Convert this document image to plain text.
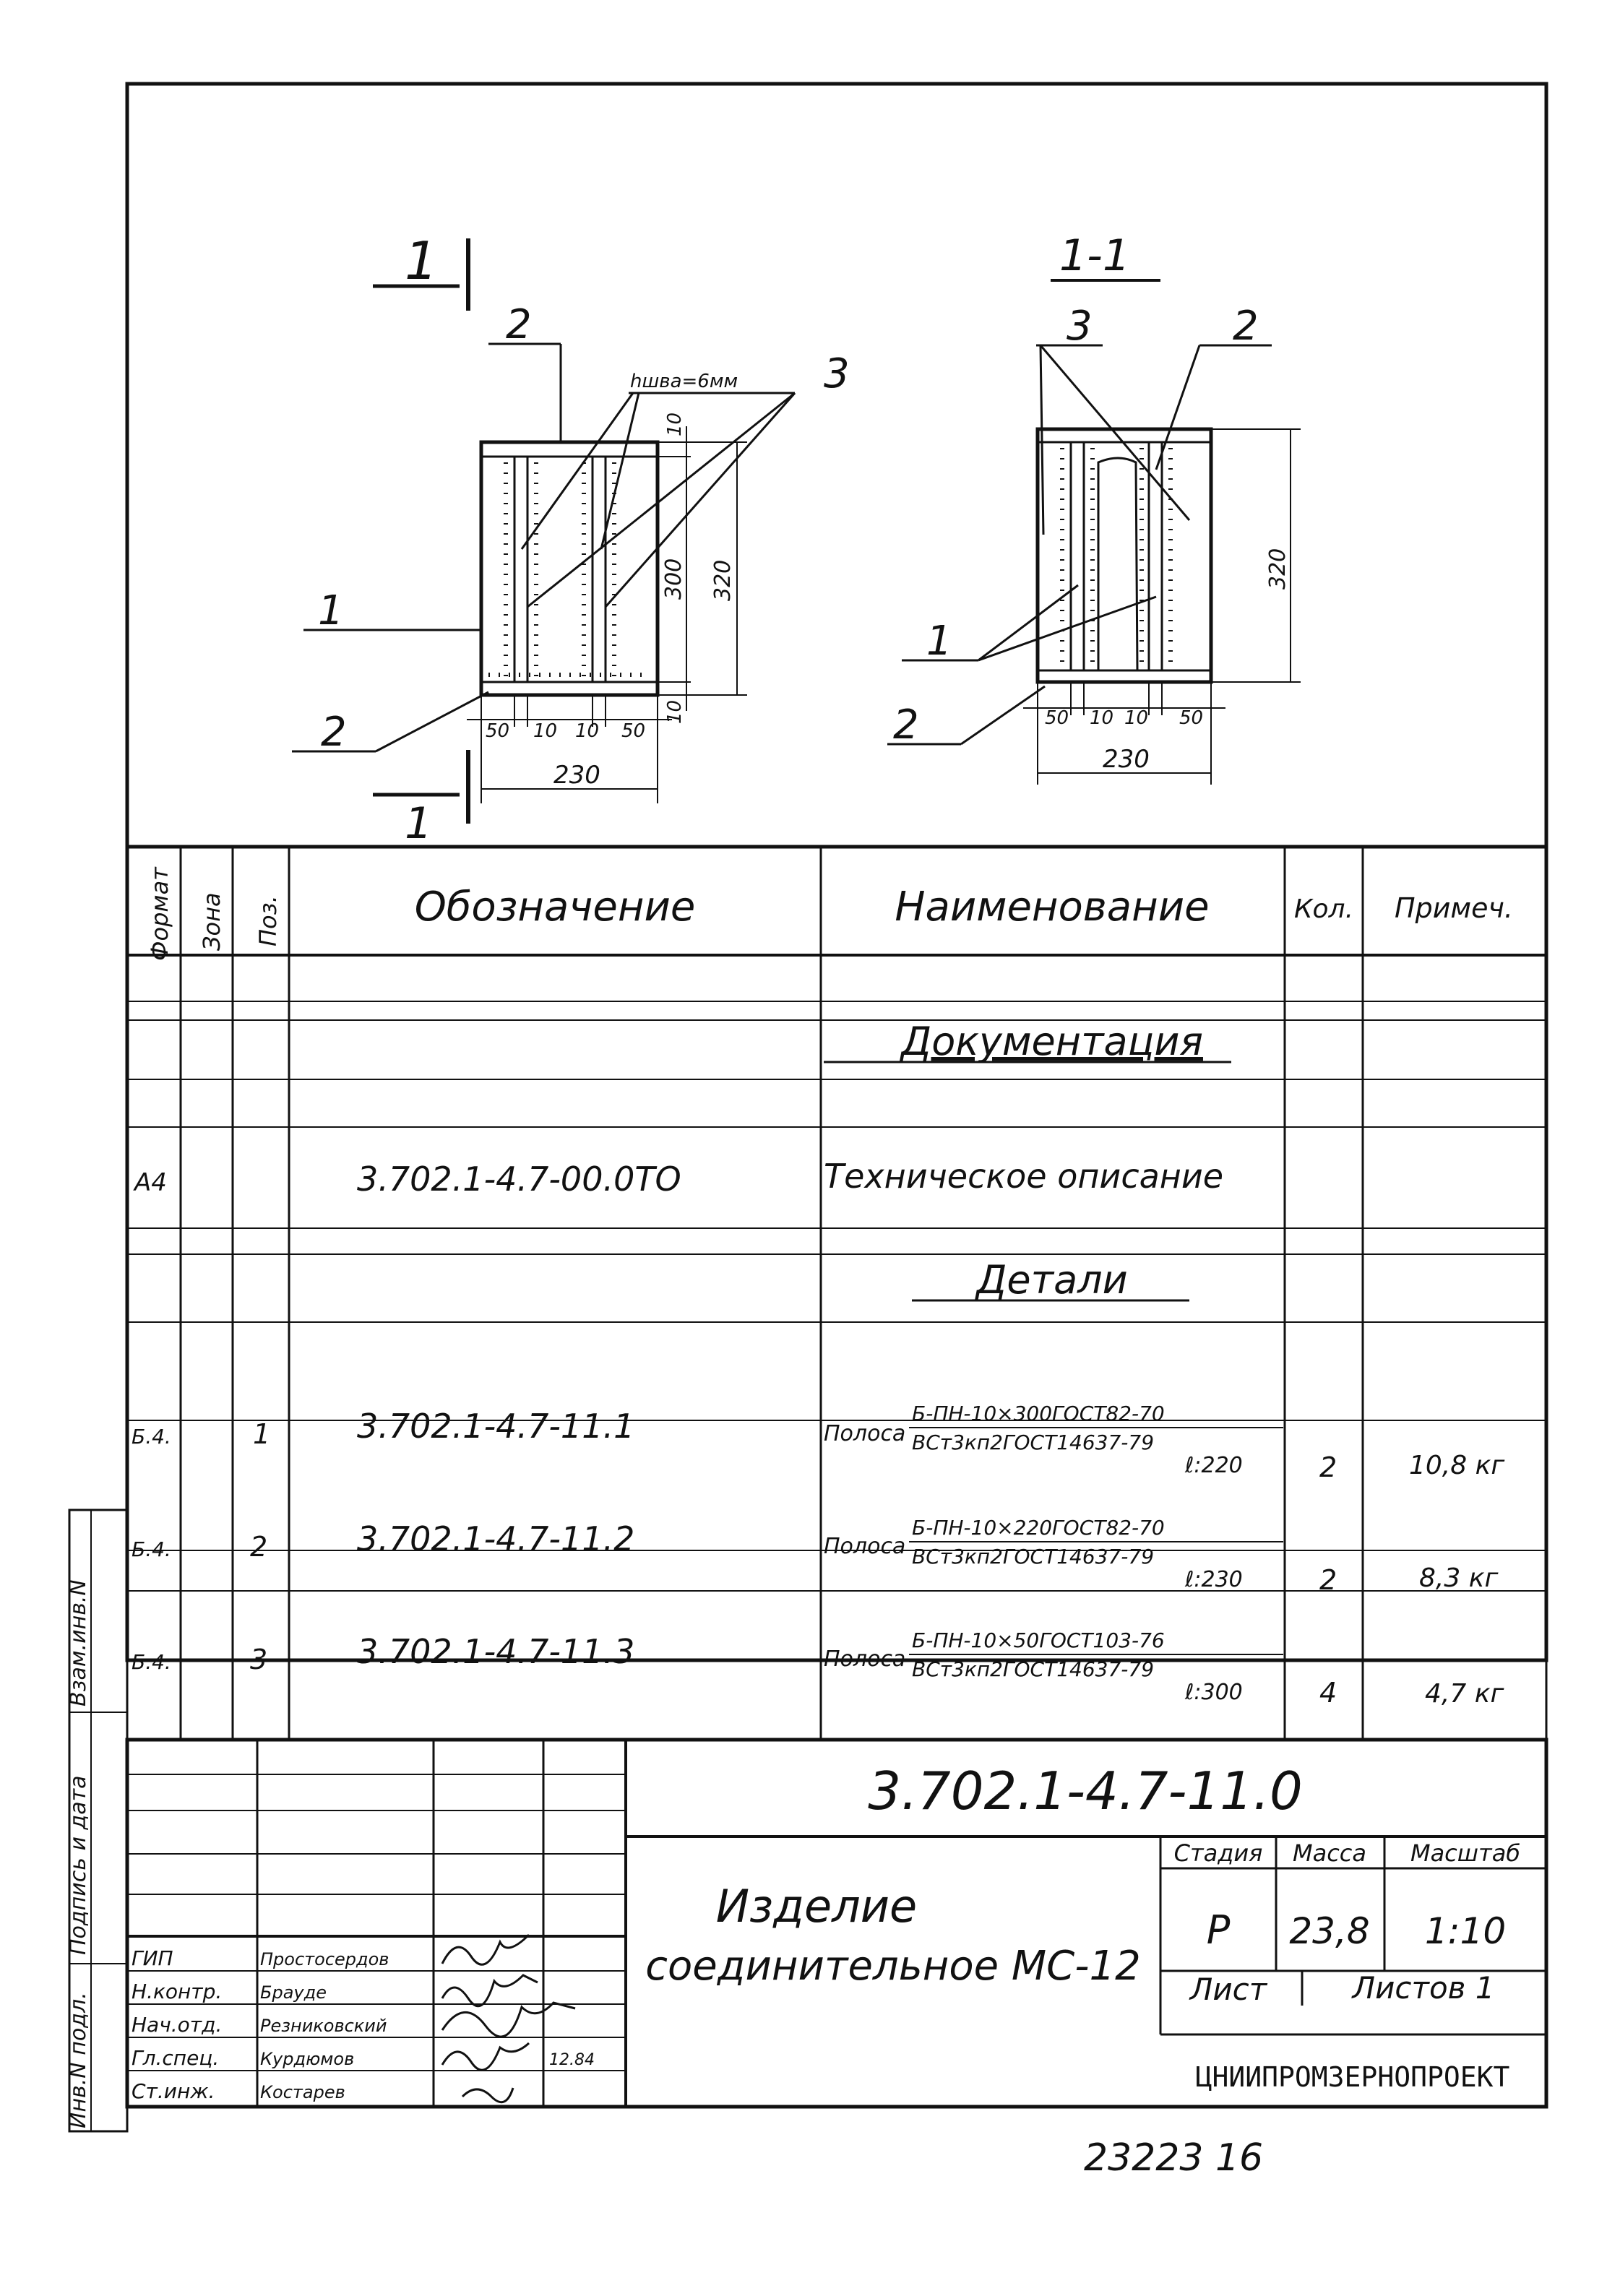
1
1
2
3
1
2
hшва=6мм
10
300 320
10
50 10 10 50
230
1-1
3	2
1
2
320
50 10 10 50
230
Формат Зона Поз.	Обозначение	Наименование	Кол. Примеч.
Документация
Детали
А4	3.702.1-4.7-00.0ТО	Техническое описание
Б.4.	1	3.702.1-4.7-11.1	Полоса
Б-ПН-10×300ГОСТ82-70
ВСт3кп2ГОСТ14637-79
ℓ:220	2	10,8 кг
Б.4.	2	3.702.1-4.7-11.2	Полоса
Б-ПН-10×220ГОСТ82-70
ВСт3кп2ГОСТ14637-79
ℓ:230	2	8,3 кг
Б.4.	3	3.702.1-4.7-11.3	Полоса
Б-ПН-10×50ГОСТ103-76
ВСт3кп2ГОСТ14637-79
ℓ:300	4	4,7 кг
Инв.N подл.
Подпись и дата
Взам.инв.N
3.702.1-4.7-11.0
Изделие
соединительное МС-12
Стадия Масса Масштаб
Р 23,8 1:10
Лист	Листов 1
ЦНИИПРОМЗЕРНОПРОЕКТ
ГИП	Простосердов
Н.контр. Брауде
Нач.отд. Резниковский
Гл.спец. Курдюмов	12.84
Ст.инж.	Костарев
23223 16
